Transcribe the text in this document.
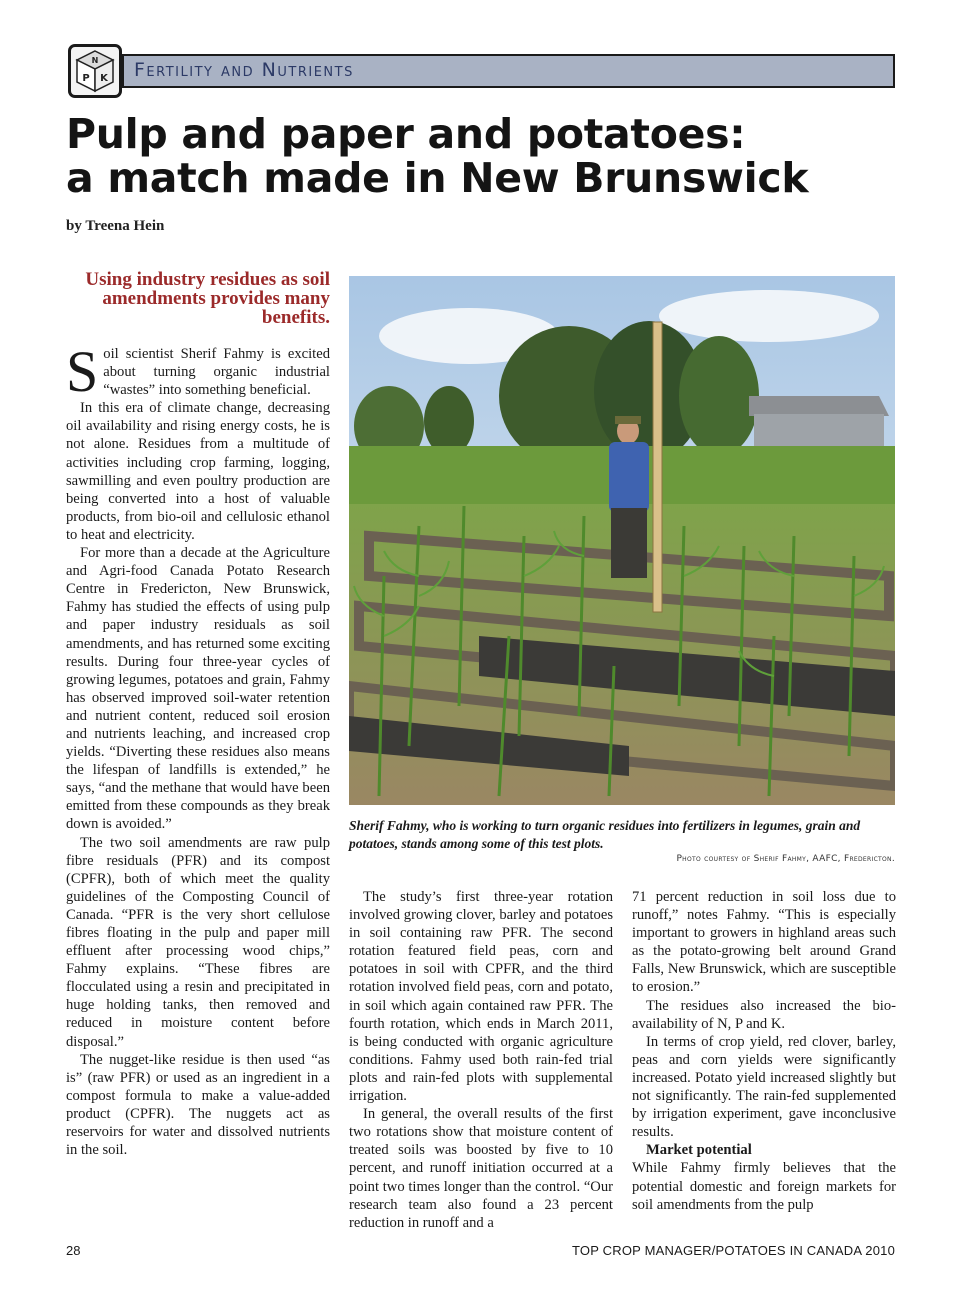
N
P K Fertility and Nutrients
Pulp and paper and potatoes:
a match made in New Brunswick
by Treena Hein
Using industry residues as soil amendments provides many benefits.

Soil scientist Sherif Fahmy is excited about turning organic industrial “wastes” into something beneficial.

In this era of climate change, decreasing oil availability and rising energy costs, he is not alone. Residues from a multitude of activities including crop farming, logging, sawmilling and even poultry production are being converted into a host of valuable products, from bio-oil and cellulosic ethanol to heat and electricity.

For more than a decade at the Agriculture and Agri-food Canada Potato Research Centre in Fredericton, New Brunswick, Fahmy has studied the effects of using pulp and paper industry residuals as soil amendments, and has returned some exciting results. During four three-year cycles of growing legumes, potatoes and grain, Fahmy has observed improved soil-water retention and nutrient content, reduced soil erosion and nutrients leaching, and increased crop yields. “Diverting these residues also means the lifespan of landfills is extended,” he says, “and the methane that would have been emitted from these compounds as they break down is avoided.”

The two soil amendments are raw pulp fibre residuals (PFR) and its compost (CPFR), both of which meet the quality guidelines of the Composting Council of Canada. “PFR is the very short cellulose fibres floating in the pulp and paper mill effluent after processing wood chips,” Fahmy explains. “These fibres are flocculated using a resin and precipitated in huge holding tanks, then removed and reduced in moisture content before disposal.”

The nugget-like residue is then used “as is” (raw PFR) or used as an ingredient in a compost formula to make a value-added product (CPFR). The nuggets act as reservoirs for water and dissolved nutrients in the soil.

Sherif Fahmy, who is working to turn organic residues into fertilizers in legumes, grain and potatoes, stands among some of this test plots.
Photo courtesy of Sherif Fahmy, AAFC, Fredericton.

The study’s first three-year rotation involved growing clover, barley and potatoes in soil containing raw PFR. The second rotation featured field peas, corn and potatoes in soil with CPFR, and the third rotation involved field peas, corn and potato, in soil which again contained raw PFR. The fourth rotation, which ends in March 2011, is being conducted with organic agriculture conditions. Fahmy used both rain-fed trial plots and rain-fed plots with supplemental irrigation.

In general, the overall results of the first two rotations show that moisture content of treated soils was boosted by five to 10 percent, and runoff initiation occurred at a point two times longer than the control. “Our research team also found a 23 percent reduction in runoff and a

71 percent reduction in soil loss due to runoff,” notes Fahmy. “This is especially important to growers in highland areas such as the potato-growing belt around Grand Falls, New Brunswick, which are susceptible to erosion.”

The residues also increased the bio-availability of N, P and K.

In terms of crop yield, red clover, barley, peas and corn yields were significantly increased. Potato yield increased slightly but not significantly. The rain-fed supplemented by irrigation experiment, gave inconclusive results.

Market potential

While Fahmy firmly believes that the potential domestic and foreign markets for soil amendments from the pulp

28	TOP CROP MANAGER/POTATOES IN CANADA 2010
